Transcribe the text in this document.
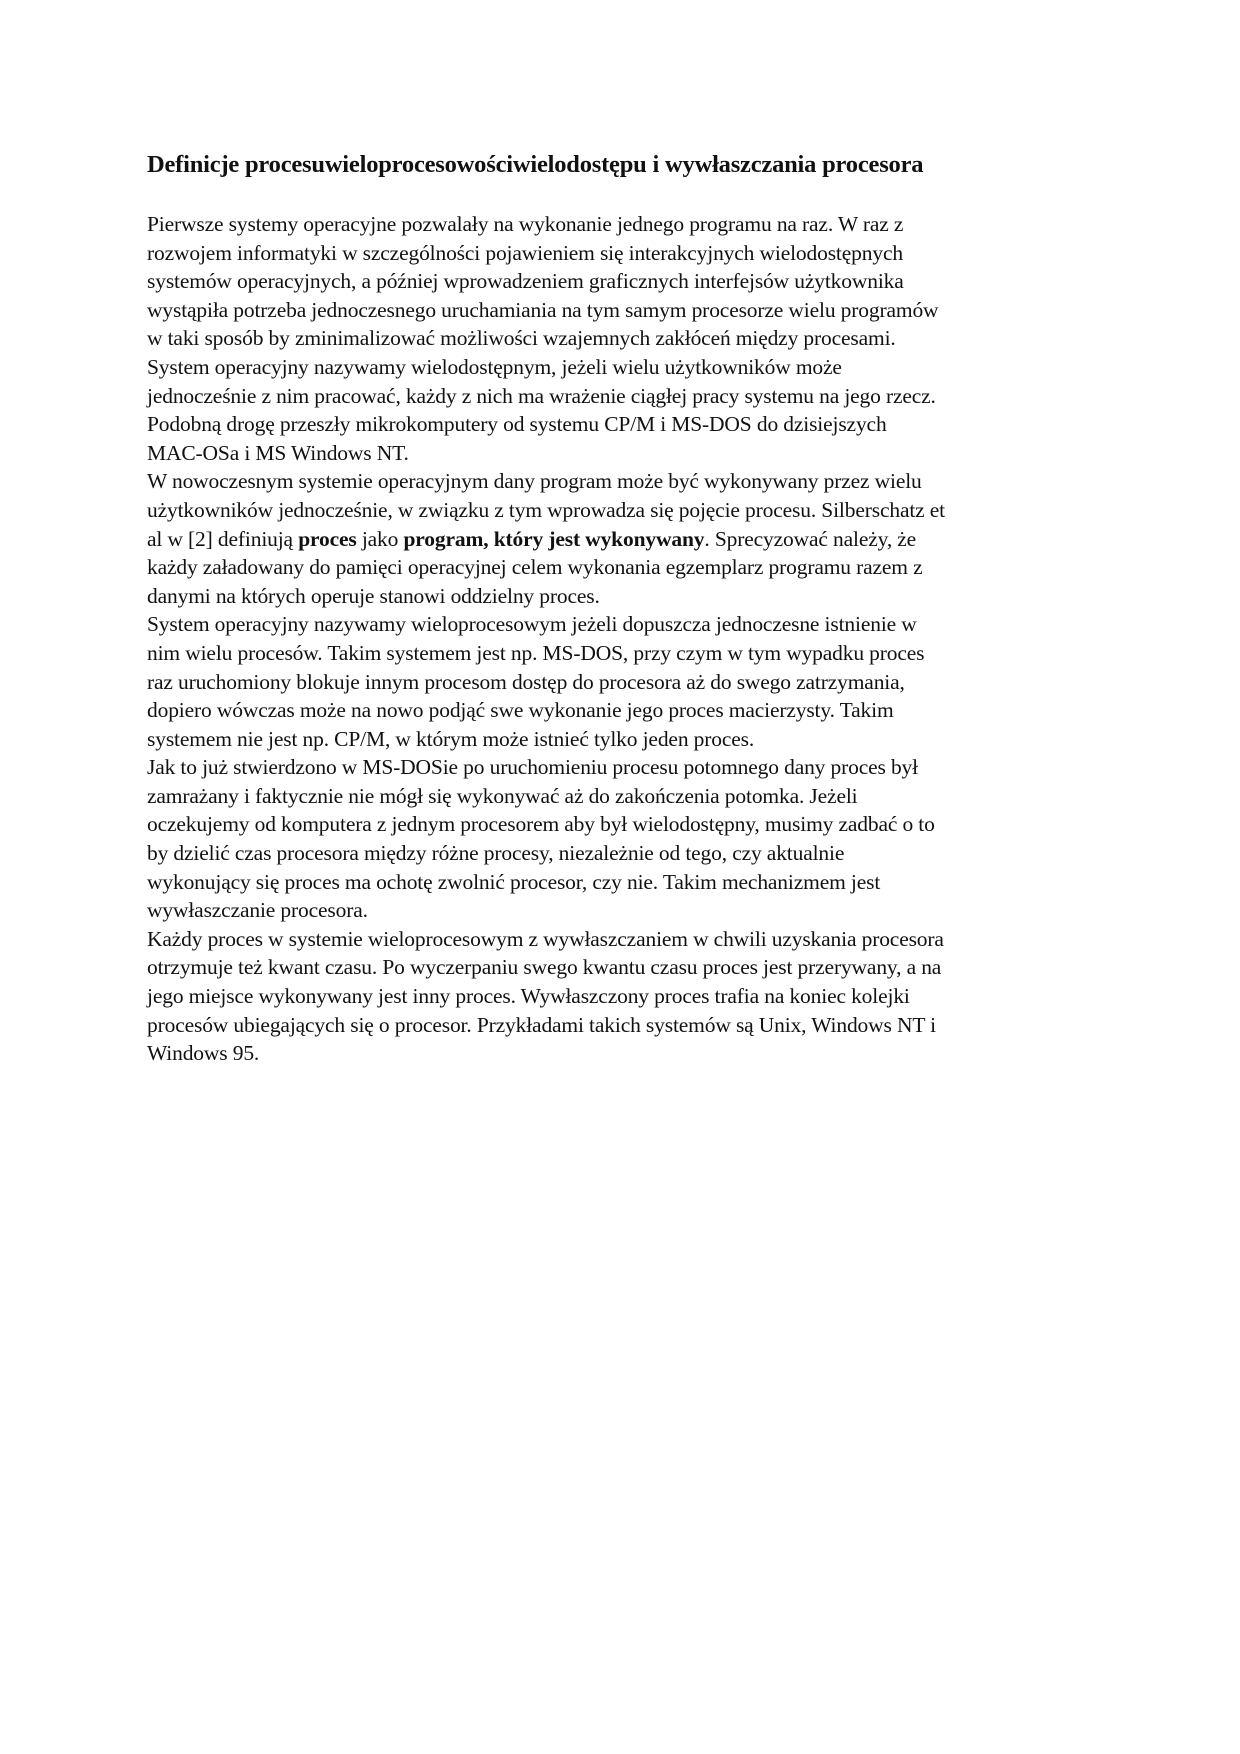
Definicje procesuwieloprocesowościwielodostępu i wywłaszczania procesora
Pierwsze systemy operacyjne pozwalały na wykonanie jednego programu na raz. W raz z
rozwojem informatyki w szczególności pojawieniem się interakcyjnych wielodostępnych
systemów operacyjnych, a później wprowadzeniem graficznych interfejsów użytkownika
wystąpiła potrzeba jednoczesnego uruchamiania na tym samym procesorze wielu programów
w taki sposób by zminimalizować możliwości wzajemnych zakłóceń między procesami.
System operacyjny nazywamy wielodostępnym, jeżeli wielu użytkowników może
jednocześnie z nim pracować, każdy z nich ma wrażenie ciągłej pracy systemu na jego rzecz.
Podobną drogę przeszły mikrokomputery od systemu CP/M i MS-DOS do dzisiejszych
MAC-OSa i MS Windows NT.
W nowoczesnym systemie operacyjnym dany program może być wykonywany przez wielu
użytkowników jednocześnie, w związku z tym wprowadza się pojęcie procesu. Silberschatz et
al w [2] definiują proces jako program, który jest wykonywany. Sprecyzować należy, że
każdy załadowany do pamięci operacyjnej celem wykonania egzemplarz programu razem z
danymi na których operuje stanowi oddzielny proces.
System operacyjny nazywamy wieloprocesowym jeżeli dopuszcza jednoczesne istnienie w
nim wielu procesów. Takim systemem jest np. MS-DOS, przy czym w tym wypadku proces
raz uruchomiony blokuje innym procesom dostęp do procesora aż do swego zatrzymania,
dopiero wówczas może na nowo podjąć swe wykonanie jego proces macierzysty. Takim
systemem nie jest np. CP/M, w którym może istnieć tylko jeden proces.
Jak to już stwierdzono w MS-DOSie po uruchomieniu procesu potomnego dany proces był
zamrażany i faktycznie nie mógł się wykonywać aż do zakończenia potomka. Jeżeli
oczekujemy od komputera z jednym procesorem aby był wielodostępny, musimy zadbać o to
by dzielić czas procesora między różne procesy, niezależnie od tego, czy aktualnie
wykonujący się proces ma ochotę zwolnić procesor, czy nie. Takim mechanizmem jest
wywłaszczanie procesora.
Każdy proces w systemie wieloprocesowym z wywłaszczaniem w chwili uzyskania procesora
otrzymuje też kwant czasu. Po wyczerpaniu swego kwantu czasu proces jest przerywany, a na
jego miejsce wykonywany jest inny proces. Wywłaszczony proces trafia na koniec kolejki
procesów ubiegających się o procesor. Przykładami takich systemów są Unix, Windows NT i
Windows 95.
